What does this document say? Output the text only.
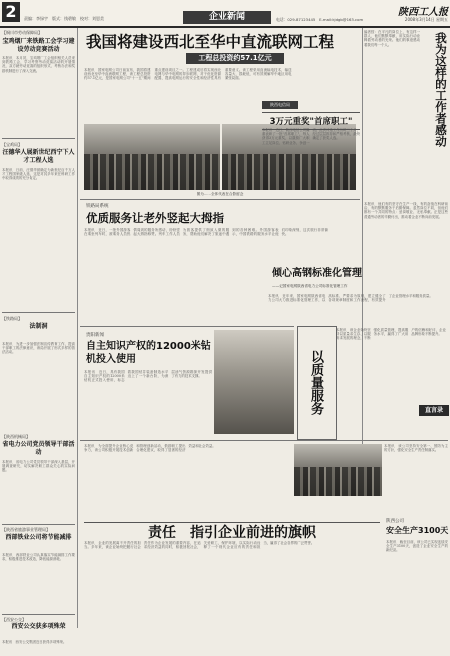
2	责编：李绿宇　版式：钱碧敏　校对：刘恩美	企业新闻	电话：029-87123445　E-mail:kjdgb@163.com
陕西工人报
2008年3月14日 星期五
【铜川市劳动保障局】
宝鸡烟厂来铁路工会学习建设劳动竞赛活动
本报讯　本月初，宝鸡烟厂工会组织相关人员来到铁路工会，学习考察劳动竞赛活动的开展情况，双方就劳动竞赛的组织形式、考核办法和奖励机制进行了深入交流。
【宝鸡局】
汪德华人展新世纪西宁下人才工程人选
本报讯　日前，汪德华被确定为新世纪百千万人才工程国家级人选，这是对其多年来在科研工作中取得成绩的充分肯定。
【铁路局】
法制洞
本报讯　为进一步加强法制宣传教育工作，提高干部职工的法律意识，该局开展了形式多样的普法活动。
【陕西机械局】
省电力公司党员领导干部活动
本报讯　省电力公司党员领导干部深入基层，开展调查研究，切实解决职工群众关心的实际问题。
【陕西省旅游事业管理局】
西部铁业公司将节能减排
本报讯　西部铁业公司认真落实节能减排工作要求，积极推进技术改造，降低能源消耗。
【西安公交】
西安公交获多项殊荣
本报讯　西安公交集团近日获得多项殊荣。
我国将建设西北至华中直流联网工程
工程总投资约57.1亿元
本报讯　国家电网公司日前宣布，我国将建设西北至华中直流联网工程，该工程总投资约57.1亿元，是国家电网公司"十一五"期间重点建设项目之一。工程建成后将实现西北电网与华中电网的异步联网，对于优化资源配置、提高电网运行的安全性和经济性具有重要意义。该工程采用直流输电技术，输送容量大，损耗低，可有效缓解华中地区用电紧张局面。
图为……全体代表在合影留念
陕西电信局
3万元重奖"首席职工"
本报讯　近日，陕西电信公司隆重表彰了一批"首席职工"，每人获得3万元重奖，以激励广大职工立足岗位、钻研业务、争创一流。此次评选工作历时三个月，经过层层推荐和严格考核，最终确定了获奖人选。
编者按：在平凡的岗位上，有这样一群人，他们默默奉献，用实际行动诠释着劳动者的光荣。他们的事迹感动着我们每一个人。	我为这样的工作者感动
本报讯　他们有的坚守在生产一线，有的奋战在科研前沿，有的默默服务于后勤保障。虽然岗位不同，但他们都有一个共同的特点：爱岗敬业、无私奉献。正是这些普通劳动者的辛勤付出，推动着企业不断向前发展。
直言录
铁路局系统
优质服务让老外竖起大拇指
本报讯　近日，一批外国游客在乘坐列车时，被乘务人员热情周到的服务所感动，纷纷竖起大拇指称赞。列车工作人员为旅客提供了细致入微的服务，帮助他们解决了旅途中遇到的各种困难。外国游客表示，中国铁路的服务水平让他们印象深刻，这次旅行非常愉快。
倾心高钢标准化管理
——记国家电网陕西省电力公司标准化管理工作
本报讯　近年来，国家电网陕西省电力公司大力推进标准化管理工作，以高标准、严要求为原则，建立健全了各项规章制度和工作流程，有效提升了企业管理水平和服务质量。
以质量服务
本报讯　该企业始终坚持以质量求生存、以服务求发展的理念，不断强化质量管理，提高服务水平，赢得了广大用户的信赖和好评，企业品牌形象不断提升。
贵阳新闻
自主知识产权的12000米钻机投入使用
本报讯　近日，具有我国自主知识产权的12000米钻机正式投入使用，标志着我国钻井装备制造水平迈上了一个新台阶，为深层油气资源勘探开发提供了有力的技术支撑。
本报讯　为全面提升企业核心竞争力，该公司积极开展技术创新和管理创新活动，鼓励职工提出合理化建议，取得了显著的经济效益和社会效益。
陕西公司
安全生产3100天
本报讯　截至目前，该公司已实现连续安全生产3100天，创造了企业安全生产的新纪录。
本报讯　该公司坚持安全第一、预防为主的方针，强化安全生产责任制落实。
责任　指引企业前进的旗帜
本报讯　企业的发展离不开责任的担当。多年来，该企业始终把履行社会责任作为企业发展的重要内容，在追求经济效益的同时，积极回报社会，关爱职工，保护环境，以实际行动诠释了一个现代企业应有的责任和担当，赢得了社会各界的广泛赞誉。
